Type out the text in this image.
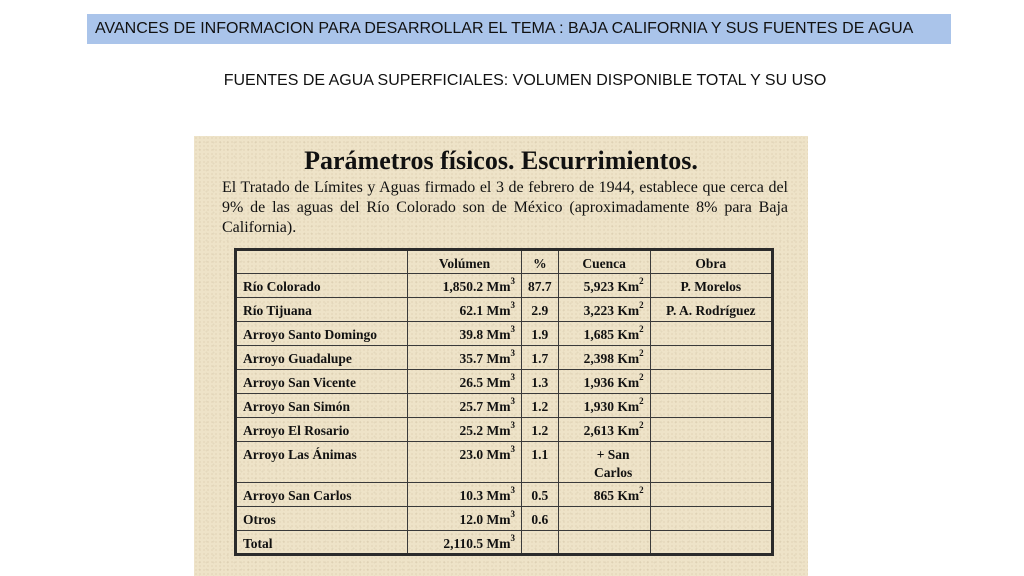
AVANCES DE INFORMACION PARA DESARROLLAR EL TEMA : BAJA CALIFORNIA Y SUS FUENTES DE AGUA
FUENTES DE AGUA SUPERFICIALES: VOLUMEN DISPONIBLE TOTAL Y SU USO
Parámetros físicos. Escurrimientos.
El Tratado de Límites y Aguas firmado el 3 de febrero de 1944, establece que cerca del 9% de las aguas del Río Colorado son de México (aproximadamente 8% para Baja California).
	Volúmen	%	Cuenca	Obra
Río Colorado	1,850.2 Mm$^3$	87.7	5,923 Km$^2$	P. Morelos
Río Tijuana	62.1 Mm$^3$	2.9	3,223 Km$^2$	P. A. Rodríguez
Arroyo Santo Domingo	39.8 Mm$^3$	1.9	1,685 Km$^2$	
Arroyo Guadalupe	35.7 Mm$^3$	1.7	2,398 Km$^2$	
Arroyo San Vicente	26.5 Mm$^3$	1.3	1,936 Km$^2$	
Arroyo San Simón	25.7 Mm$^3$	1.2	1,930 Km$^2$	
Arroyo El Rosario	25.2 Mm$^3$	1.2	2,613 Km$^2$	
Arroyo Las Ánimas	23.0 Mm$^3$	1.1	+ San Carlos	
Arroyo San Carlos	10.3 Mm$^3$	0.5	865 Km$^2$	
Otros	12.0 Mm$^3$	0.6		
Total	2,110.5 Mm$^3$			
